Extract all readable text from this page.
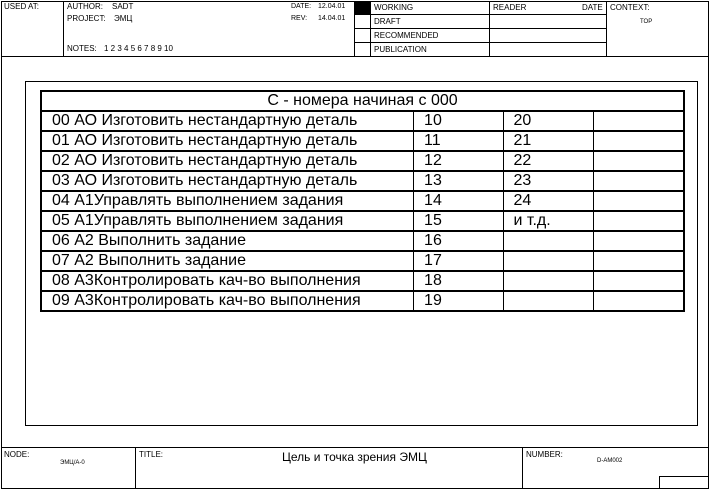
USED AT:	AUTHOR: SADT
PROJECT: ЭМЦ
DATE: 12.04.01
REV: 14.04.01
NOTES: 1 2 3 4 5 6 7 8 9 10
WORKING
DRAFT
RECOMMENDED
PUBLICATION
READER	DATE CONTEXT:
TOP
С - номера начиная с 000			
00 АО Изготовить нестандартную деталь	10	20	
01 АО Изготовить нестандартную деталь	11	21	
02 АО Изготовить нестандартную деталь	12	22	
03 АО Изготовить нестандартную деталь	13	23	
04 А1Управлять выполнением задания	14	24	
05 А1Управлять выполнением задания	15	и т.д.	
06 А2 Выполнить задание	16		
07 А2 Выполнить задание	17		
08 А3Контролировать кач-во выполнения	18		
09 А3Контролировать кач-во выполнения	19		
NODE:
ЭМЦ/А-0
TITLE:	Цель и точка зрения ЭМЦ	NUMBER:
D-AM002
